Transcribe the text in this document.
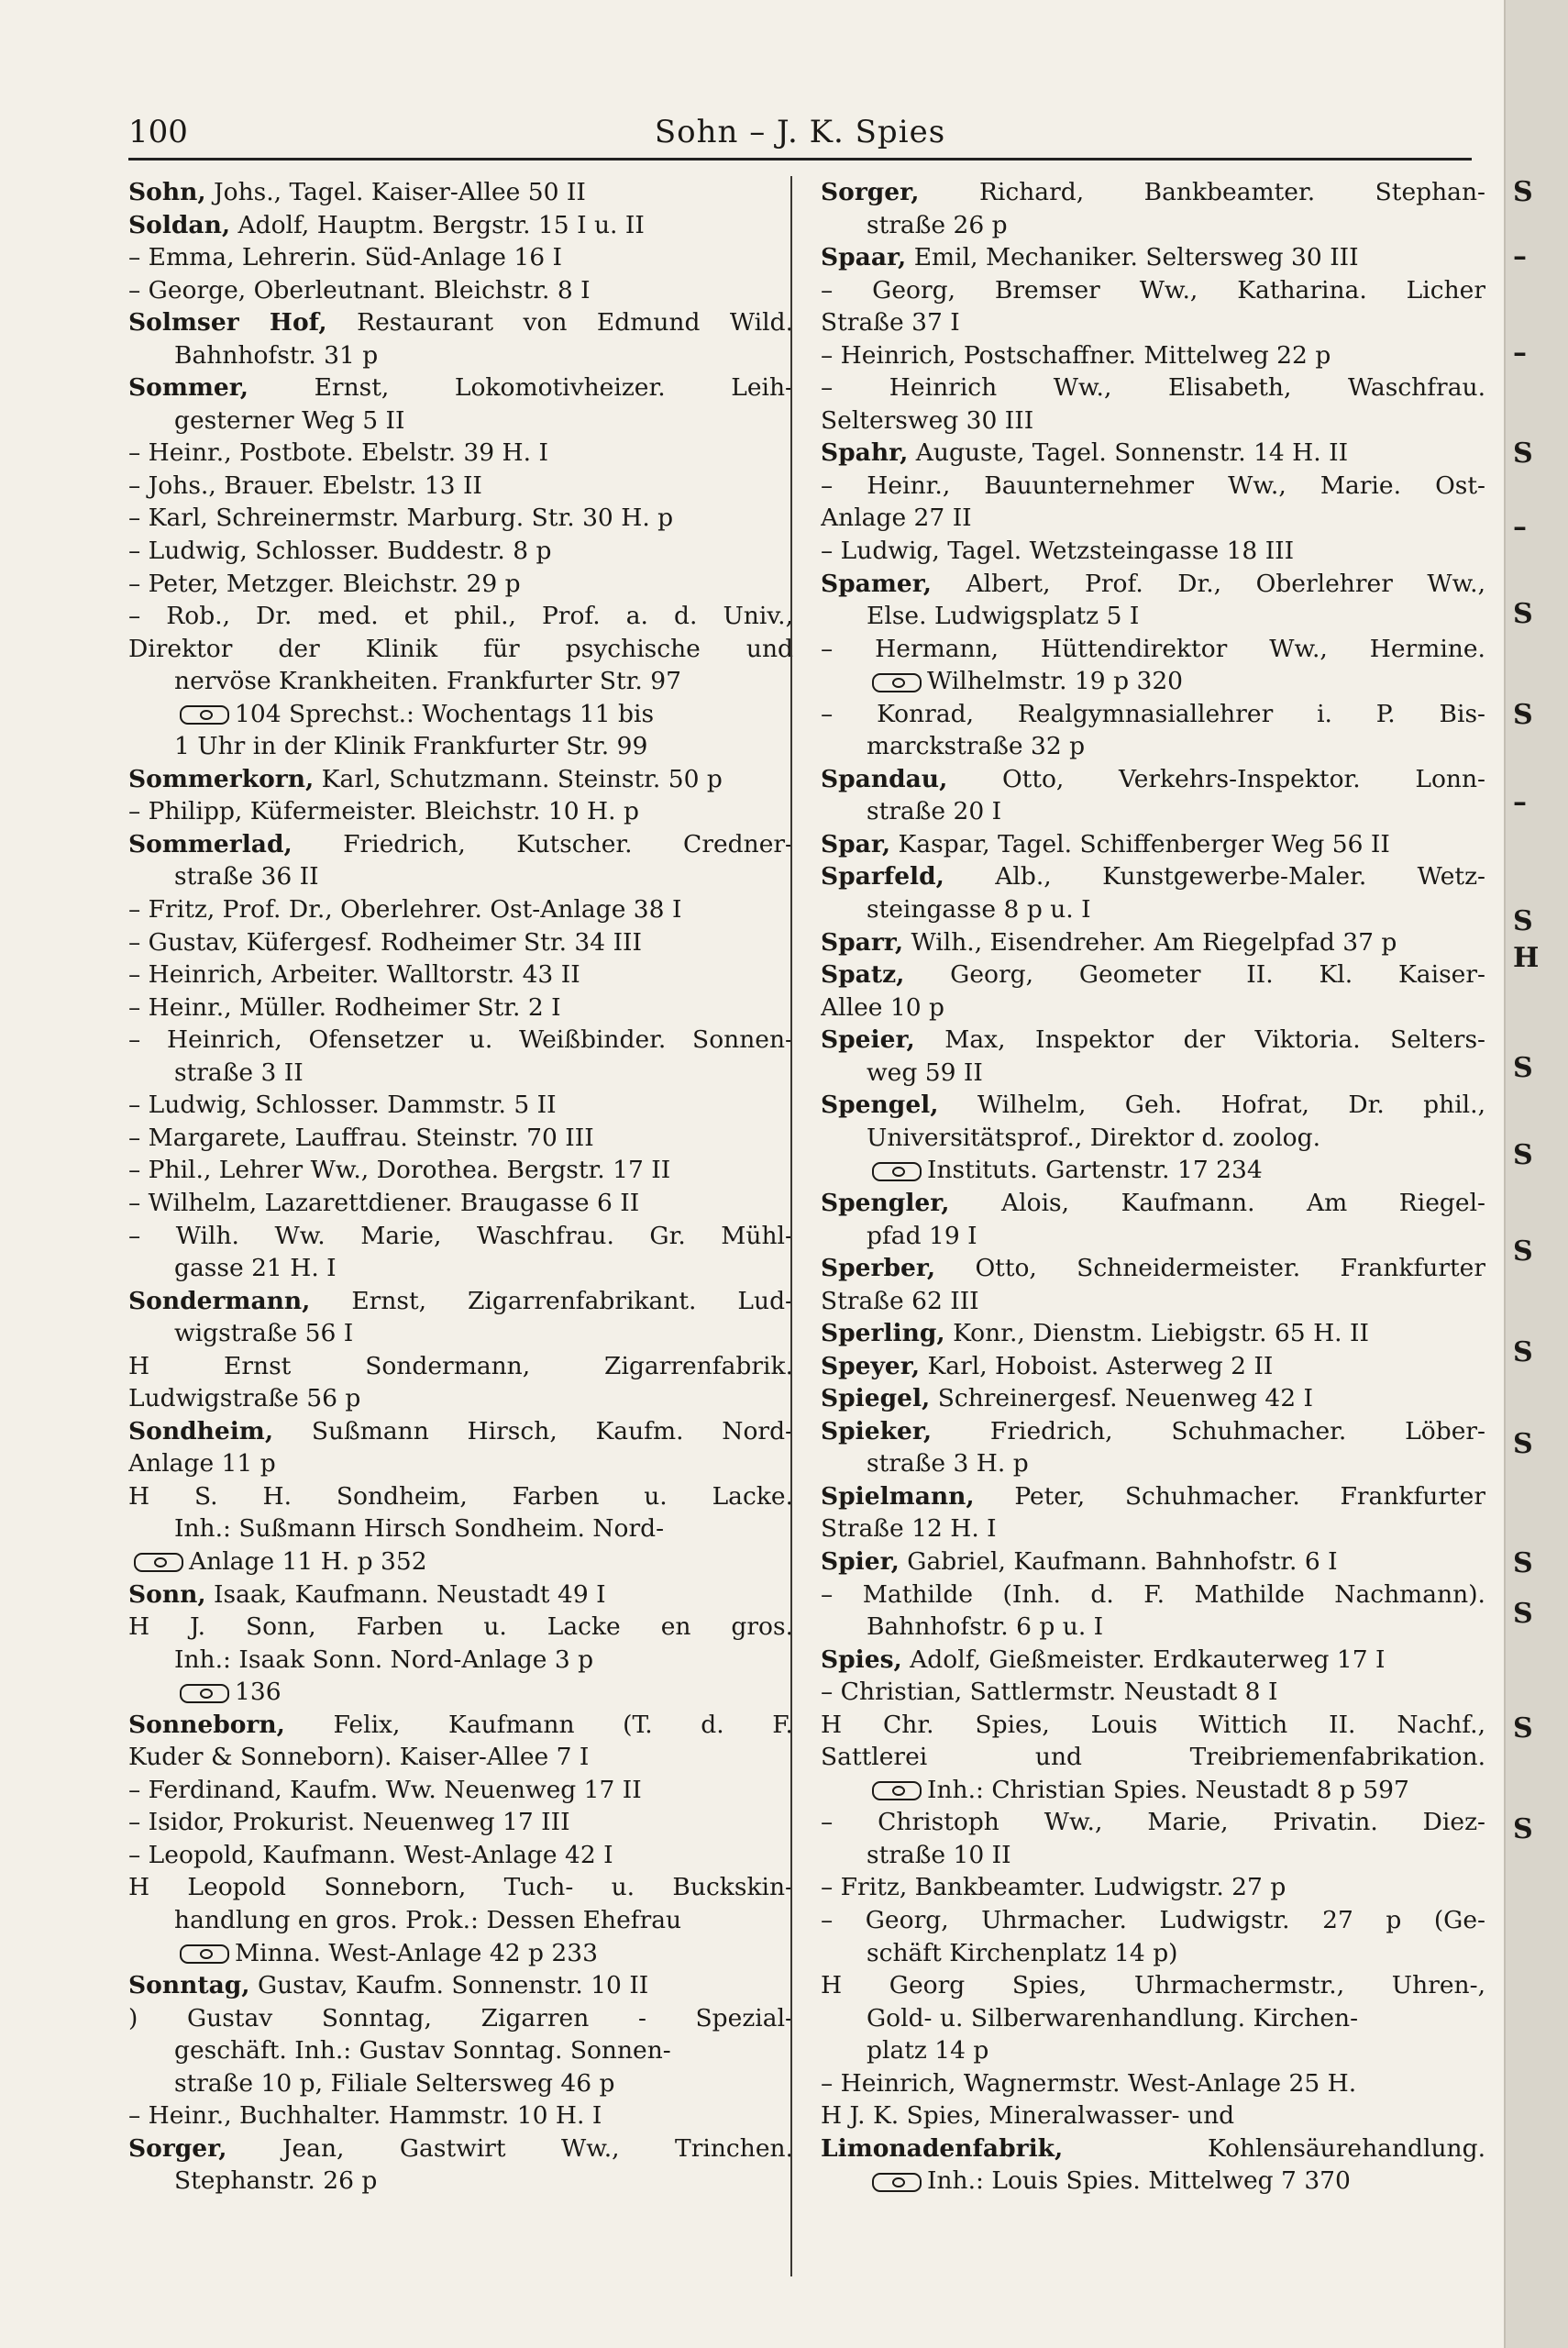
100	Sohn – J. K. Spies
Sohn, Johs., Tagel. Kaiser-Allee 50 II
Soldan, Adolf, Hauptm. Bergstr. 15 I u. II
– Emma, Lehrerin. Süd-Anlage 16 I
– George, Oberleutnant. Bleichstr. 8 I
Solmser Hof, Restaurant von Edmund Wild.
Bahnhofstr. 31 p
Sommer, Ernst, Lokomotivheizer. Leih-
gesterner Weg 5 II
– Heinr., Postbote. Ebelstr. 39 H. I
– Johs., Brauer. Ebelstr. 13 II
– Karl, Schreinermstr. Marburg. Str. 30 H. p
– Ludwig, Schlosser. Buddestr. 8 p
– Peter, Metzger. Bleichstr. 29 p
– Rob., Dr. med. et phil., Prof. a. d. Univ.,
Direktor der Klinik für psychische und
nervöse Krankheiten. Frankfurter Str. 97
104 Sprechst.: Wochentags 11 bis
1 Uhr in der Klinik Frankfurter Str. 99
Sommerkorn, Karl, Schutzmann. Steinstr. 50 p
– Philipp, Küfermeister. Bleichstr. 10 H. p
Sommerlad, Friedrich, Kutscher. Credner-
straße 36 II
– Fritz, Prof. Dr., Oberlehrer. Ost-Anlage 38 I
– Gustav, Küfergesf. Rodheimer Str. 34 III
– Heinrich, Arbeiter. Walltorstr. 43 II
– Heinr., Müller. Rodheimer Str. 2 I
– Heinrich, Ofensetzer u. Weißbinder. Sonnen-
straße 3 II
– Ludwig, Schlosser. Dammstr. 5 II
– Margarete, Lauffrau. Steinstr. 70 III
– Phil., Lehrer Ww., Dorothea. Bergstr. 17 II
– Wilhelm, Lazarettdiener. Braugasse 6 II
– Wilh. Ww. Marie, Waschfrau. Gr. Mühl-
gasse 21 H. I
Sondermann, Ernst, Zigarrenfabrikant. Lud-
wigstraße 56 I
H Ernst Sondermann, Zigarrenfabrik.
Ludwigstraße 56 p
Sondheim, Sußmann Hirsch, Kaufm. Nord-
Anlage 11 p
H S. H. Sondheim, Farben u. Lacke.
Inh.: Sußmann Hirsch Sondheim. Nord-
Anlage 11 H. p 352
Sonn, Isaak, Kaufmann. Neustadt 49 I
H J. Sonn, Farben u. Lacke en gros.
Inh.: Isaak Sonn. Nord-Anlage 3 p
136
Sonneborn, Felix, Kaufmann (T. d. F.
Kuder & Sonneborn). Kaiser-Allee 7 I
– Ferdinand, Kaufm. Ww. Neuenweg 17 II
– Isidor, Prokurist. Neuenweg 17 III
– Leopold, Kaufmann. West-Anlage 42 I
H Leopold Sonneborn, Tuch- u. Buckskin-
handlung en gros. Prok.: Dessen Ehefrau
Minna. West-Anlage 42 p 233
Sonntag, Gustav, Kaufm. Sonnenstr. 10 II
) Gustav Sonntag, Zigarren - Spezial-
geschäft. Inh.: Gustav Sonntag. Sonnen-
straße 10 p, Filiale Seltersweg 46 p
– Heinr., Buchhalter. Hammstr. 10 H. I
Sorger, Jean, Gastwirt Ww., Trinchen.
Stephanstr. 26 p
Sorger, Richard, Bankbeamter. Stephan-
straße 26 p
Spaar, Emil, Mechaniker. Seltersweg 30 III
– Georg, Bremser Ww., Katharina. Licher
Straße 37 I
– Heinrich, Postschaffner. Mittelweg 22 p
– Heinrich Ww., Elisabeth, Waschfrau.
Seltersweg 30 III
Spahr, Auguste, Tagel. Sonnenstr. 14 H. II
– Heinr., Bauunternehmer Ww., Marie. Ost-
Anlage 27 II
– Ludwig, Tagel. Wetzsteingasse 18 III
Spamer, Albert, Prof. Dr., Oberlehrer Ww.,
Else. Ludwigsplatz 5 I
– Hermann, Hüttendirektor Ww., Hermine.
Wilhelmstr. 19 p 320
– Konrad, Realgymnasiallehrer i. P. Bis-
marckstraße 32 p
Spandau, Otto, Verkehrs-Inspektor. Lonn-
straße 20 I
Spar, Kaspar, Tagel. Schiffenberger Weg 56 II
Sparfeld, Alb., Kunstgewerbe-Maler. Wetz-
steingasse 8 p u. I
Sparr, Wilh., Eisendreher. Am Riegelpfad 37 p
Spatz, Georg, Geometer II. Kl. Kaiser-
Allee 10 p
Speier, Max, Inspektor der Viktoria. Selters-
weg 59 II
Spengel, Wilhelm, Geh. Hofrat, Dr. phil.,
Universitätsprof., Direktor d. zoolog.
Instituts. Gartenstr. 17 234
Spengler, Alois, Kaufmann. Am Riegel-
pfad 19 I
Sperber, Otto, Schneidermeister. Frankfurter
Straße 62 III
Sperling, Konr., Dienstm. Liebigstr. 65 H. II
Speyer, Karl, Hoboist. Asterweg 2 II
Spiegel, Schreinergesf. Neuenweg 42 I
Spieker, Friedrich, Schuhmacher. Löber-
straße 3 H. p
Spielmann, Peter, Schuhmacher. Frankfurter
Straße 12 H. I
Spier, Gabriel, Kaufmann. Bahnhofstr. 6 I
– Mathilde (Inh. d. F. Mathilde Nachmann).
Bahnhofstr. 6 p u. I
Spies, Adolf, Gießmeister. Erdkauterweg 17 I
– Christian, Sattlermstr. Neustadt 8 I
H Chr. Spies, Louis Wittich II. Nachf.,
Sattlerei und Treibriemenfabrikation.
Inh.: Christian Spies. Neustadt 8 p 597
– Christoph Ww., Marie, Privatin. Diez-
straße 10 II
– Fritz, Bankbeamter. Ludwigstr. 27 p
– Georg, Uhrmacher. Ludwigstr. 27 p (Ge-
schäft Kirchenplatz 14 p)
H Georg Spies, Uhrmachermstr., Uhren-,
Gold- u. Silberwarenhandlung. Kirchen-
platz 14 p
– Heinrich, Wagnermstr. West-Anlage 25 H.
H J. K. Spies, Mineralwasser- und
Limonadenfabrik, Kohlensäurehandlung.
Inh.: Louis Spies. Mittelweg 7 370
S
–
–
S
–
S
S
–
S
H
S
S
S
S
S
S
S
S
S
